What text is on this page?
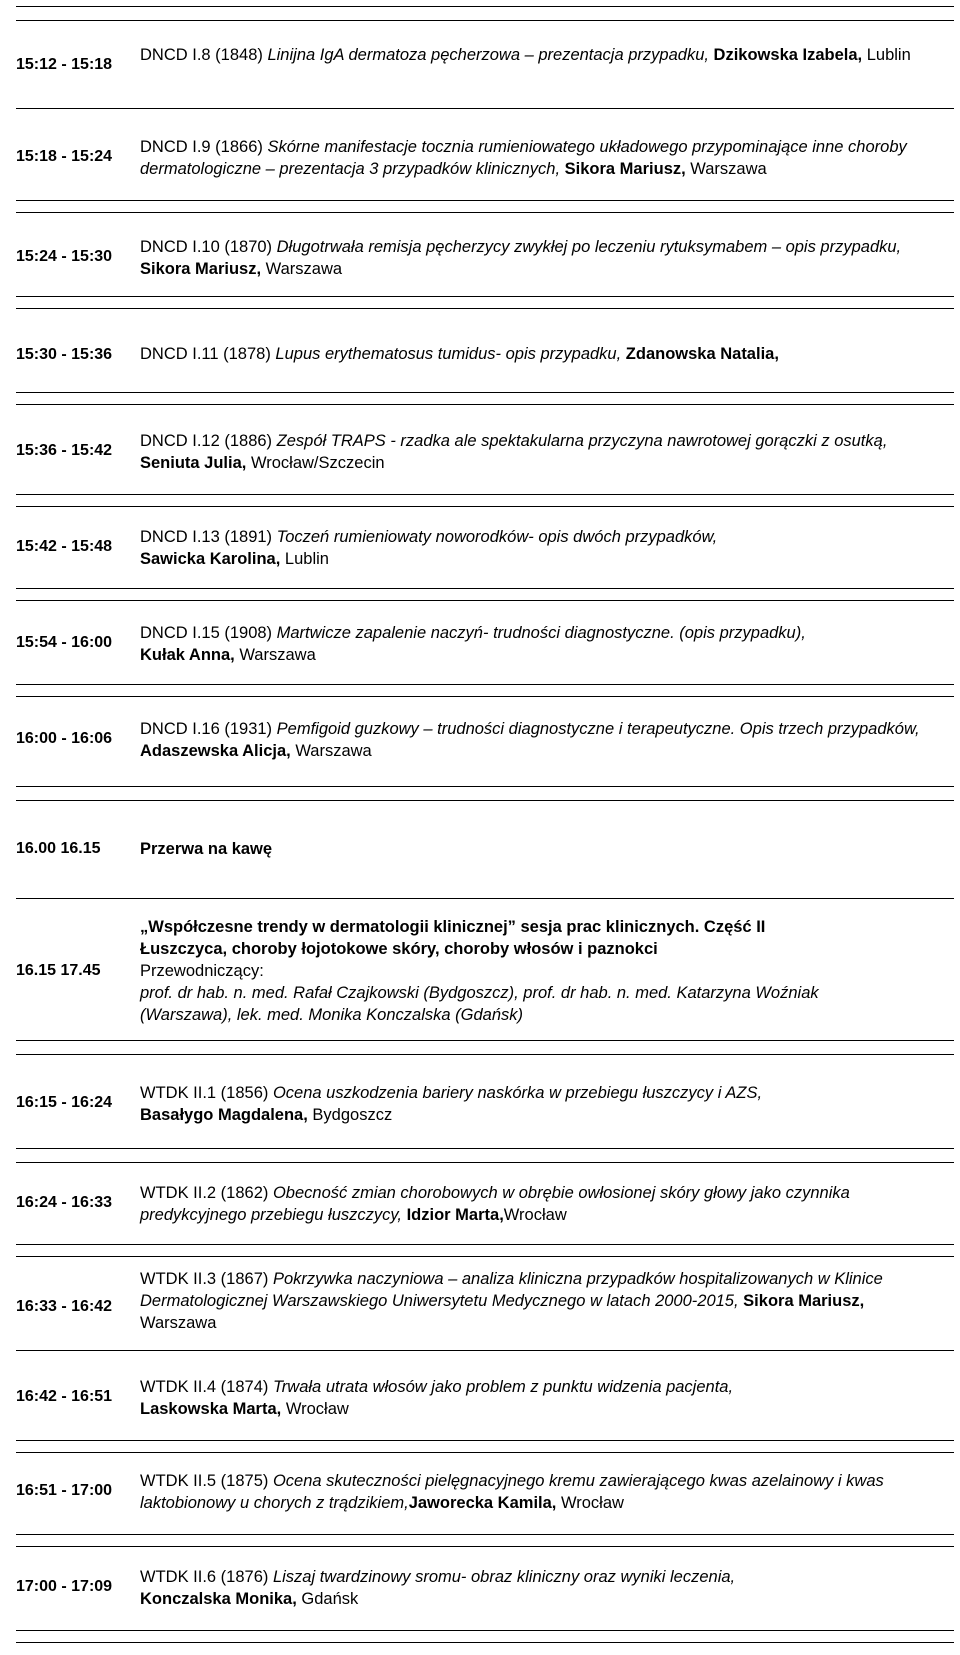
15:12 - 15:18
DNCD I.8 (1848) Linijna IgA dermatoza pęcherzowa – prezentacja przypadku, Dzikowska Izabela, Lublin
15:18 - 15:24
DNCD I.9 (1866) Skórne manifestacje tocznia rumieniowatego układowego przypominające inne choroby dermatologiczne – prezentacja 3 przypadków klinicznych, Sikora Mariusz, Warszawa
15:24 - 15:30
DNCD I.10 (1870) Długotrwała remisja pęcherzycy zwykłej po leczeniu rytuksymabem – opis przypadku, Sikora Mariusz, Warszawa
15:30 - 15:36	DNCD I.11 (1878) Lupus erythematosus tumidus- opis przypadku, Zdanowska Natalia,
15:36 - 15:42
DNCD I.12 (1886) Zespół TRAPS - rzadka ale spektakularna przyczyna nawrotowej gorączki z osutką, Seniuta Julia, Wrocław/Szczecin
15:42 - 15:48
DNCD I.13 (1891) Toczeń rumieniowaty noworodków- opis dwóch przypadków, Sawicka Karolina, Lublin
15:54 - 16:00
DNCD I.15 (1908) Martwicze zapalenie naczyń- trudności diagnostyczne. (opis przypadku), Kułak Anna, Warszawa
16:00 - 16:06
DNCD I.16 (1931) Pemfigoid guzkowy – trudności diagnostyczne i terapeutyczne. Opis trzech przypadków, Adaszewska Alicja, Warszawa
16.00 16.15	Przerwa na kawę
16.15 17.45
„Współczesne trendy w dermatologii klinicznej” sesja prac klinicznych. Część II
Łuszczyca, choroby łojotokowe skóry, choroby włosów i paznokci
Przewodniczący:
prof. dr hab. n. med. Rafał Czajkowski (Bydgoszcz), prof. dr hab. n. med. Katarzyna Woźniak (Warszawa), lek. med. Monika Konczalska (Gdańsk)
16:15 - 16:24
WTDK II.1 (1856) Ocena uszkodzenia bariery naskórka w przebiegu łuszczycy i AZS, Basałygo Magdalena, Bydgoszcz
16:24 - 16:33
WTDK II.2 (1862) Obecność zmian chorobowych w obrębie owłosionej skóry głowy jako czynnika predykcyjnego przebiegu łuszczycy, Idzior Marta,Wrocław
16:33 - 16:42
WTDK II.3 (1867) Pokrzywka naczyniowa – analiza kliniczna przypadków hospitalizowanych w Klinice Dermatologicznej Warszawskiego Uniwersytetu Medycznego w latach 2000-2015, Sikora Mariusz, Warszawa
16:42 - 16:51
WTDK II.4 (1874) Trwała utrata włosów jako problem z punktu widzenia pacjenta, Laskowska Marta, Wrocław
16:51 - 17:00
WTDK II.5 (1875) Ocena skuteczności pielęgnacyjnego kremu zawierającego kwas azelainowy i kwas laktobionowy u chorych z trądzikiem,Jaworecka Kamila, Wrocław
17:00 - 17:09
WTDK II.6 (1876) Liszaj twardzinowy sromu- obraz kliniczny oraz wyniki leczenia, Konczalska Monika, Gdańsk
